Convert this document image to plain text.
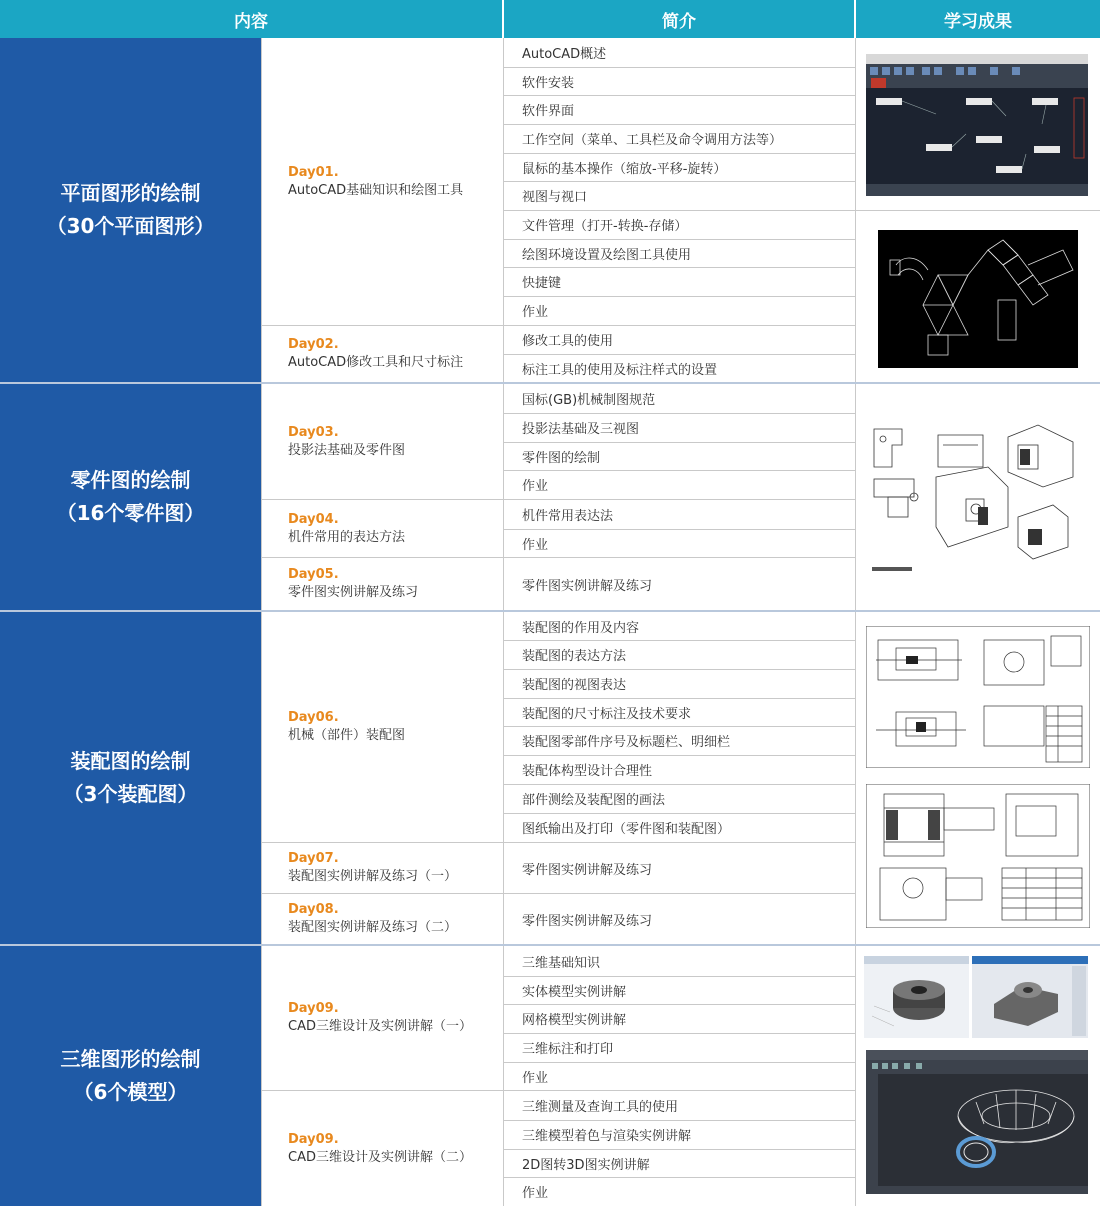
内容	简介	学习成果
平面图形的绘制
（30个平面图形）
零件图的绘制
（16个零件图）
装配图的绘制
（3个装配图）
三维图形的绘制
（6个模型）
Day01.
AutoCAD基础知识和绘图工具
Day02.
AutoCAD修改工具和尺寸标注
Day03.
投影法基础及零件图
Day04.
机件常用的表达方法
Day05.
零件图实例讲解及练习
Day06.
机械（部件）装配图
Day07.
装配图实例讲解及练习（一）
Day08.
装配图实例讲解及练习（二）
Day09.
CAD三维设计及实例讲解（一）
Day09.
CAD三维设计及实例讲解（二）
AutoCAD概述
软件安装
软件界面
工作空间（菜单、工具栏及命令调用方法等）
鼠标的基本操作（缩放-平移-旋转）
视图与视口
文件管理（打开-转换-存储）
绘图环境设置及绘图工具使用
快捷键
作业
修改工具的使用
标注工具的使用及标注样式的设置
国标(GB)机械制图规范
投影法基础及三视图
零件图的绘制
作业
机件常用表达法
作业
零件图实例讲解及练习
装配图的作用及内容
装配图的表达方法
装配图的视图表达
装配图的尺寸标注及技术要求
装配图零部件序号及标题栏、明细栏
装配体构型设计合理性
部件测绘及装配图的画法
图纸输出及打印（零件图和装配图）
零件图实例讲解及练习
零件图实例讲解及练习
三维基础知识
实体模型实例讲解
网格模型实例讲解
三维标注和打印
作业
三维测量及查询工具的使用
三维模型着色与渲染实例讲解
2D图转3D图实例讲解
作业
